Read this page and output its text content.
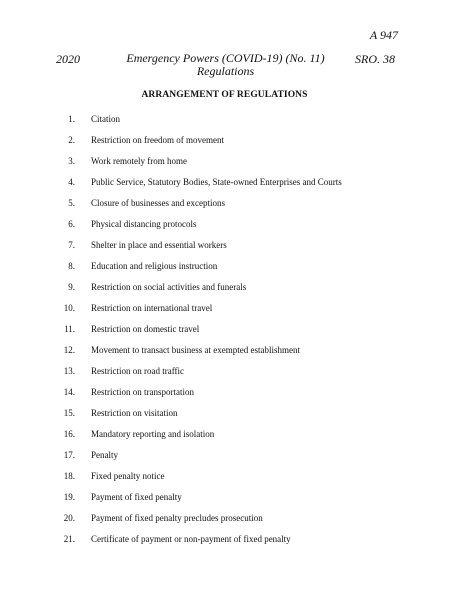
A 947
2020	Emergency Powers (COVID-19) (No. 11)
Regulations
SRO. 38
ARRANGEMENT OF REGULATIONS
1. Citation
2. Restriction on freedom of movement
3. Work remotely from home
4. Public Service, Statutory Bodies, State-owned Enterprises and Courts
5. Closure of businesses and exceptions
6. Physical distancing protocols
7. Shelter in place and essential workers
8. Education and religious instruction
9. Restriction on social activities and funerals
10. Restriction on international travel
11. Restriction on domestic travel
12. Movement to transact business at exempted establishment
13. Restriction on road traffic
14. Restriction on transportation
15. Restriction on visitation
16. Mandatory reporting and isolation
17. Penalty
18. Fixed penalty notice
19. Payment of fixed penalty
20. Payment of fixed penalty precludes prosecution
21. Certificate of payment or non-payment of fixed penalty
